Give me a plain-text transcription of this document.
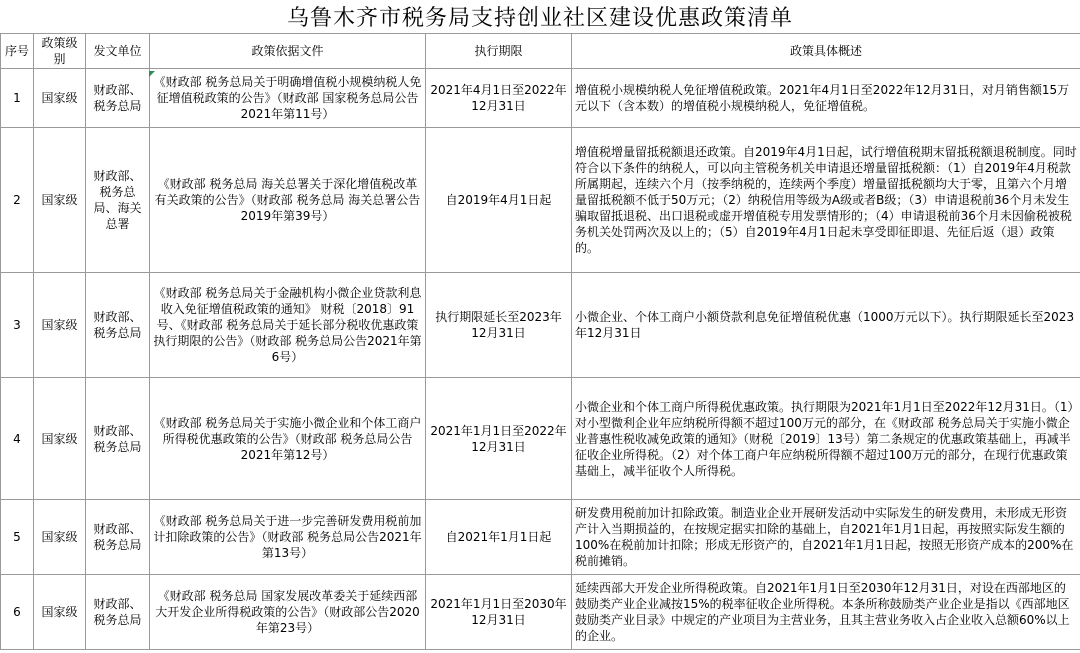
乌鲁木齐市税务局支持创业社区建设优惠政策清单
序号	政策级别	发文单位	政策依据文件	执行期限	政策具体概述
1	国家级	财政部、税务总局	《财政部 税务总局关于明确增值税小规模纳税人免征增值税政策的公告》（财政部 国家税务总局公告2021年第11号）	2021年4月1日至2022年12月31日	增值税小规模纳税人免征增值税政策。2021年4月1日至2022年12月31日，对月销售额15万元以下（含本数）的增值税小规模纳税人，免征增值税。
2	国家级	财政部、税务总局、海关总署	《财政部 税务总局 海关总署关于深化增值税改革有关政策的公告》（财政部 税务总局 海关总署公告2019年第39号）	自2019年4月1日起	增值税增量留抵税额退还政策。自2019年4月1日起，试行增值税期末留抵税额退税制度。同时符合以下条件的纳税人，可以向主管税务机关申请退还增量留抵税额：（1）自2019年4月税款所属期起，连续六个月（按季纳税的，连续两个季度）增量留抵税额均大于零，且第六个月增量留抵税额不低于50万元；（2）纳税信用等级为A级或者B级；（3）申请退税前36个月未发生骗取留抵退税、出口退税或虚开增值税专用发票情形的；（4）申请退税前36个月未因偷税被税务机关处罚两次及以上的；（5）自2019年4月1日起未享受即征即退、先征后返（退）政策的。
3	国家级	财政部、税务总局	《财政部 税务总局关于金融机构小微企业贷款利息收入免征增值税政策的通知》 财税〔2018〕91号、《财政部 税务总局关于延长部分税收优惠政策执行期限的公告》（财政部 税务总局公告2021年第6号）	执行期限延长至2023年12月31日	小微企业、个体工商户小额贷款利息免征增值税优惠（1000万元以下）。执行期限延长至2023年12月31日
4	国家级	财政部、税务总局	《财政部 税务总局关于实施小微企业和个体工商户所得税优惠政策的公告》（财政部 税务总局公告2021年第12号）	2021年1月1日至2022年12月31日	小微企业和个体工商户所得税优惠政策。执行期限为2021年1月1日至2022年12月31日。（1）对小型微利企业年应纳税所得额不超过100万元的部分，在《财政部 税务总局关于实施小微企业普惠性税收减免政策的通知》（财税〔2019〕13号）第二条规定的优惠政策基础上，再减半征收企业所得税。（2）对个体工商户年应纳税所得额不超过100万元的部分，在现行优惠政策基础上，减半征收个人所得税。
5	国家级	财政部、税务总局	《财政部 税务总局关于进一步完善研发费用税前加计扣除政策的公告》（财政部 税务总局公告2021年第13号）	自2021年1月1日起	研发费用税前加计扣除政策。制造业企业开展研发活动中实际发生的研发费用，未形成无形资产计入当期损益的，在按规定据实扣除的基础上，自2021年1月1日起，再按照实际发生额的100%在税前加计扣除；形成无形资产的，自2021年1月1日起，按照无形资产成本的200%在税前摊销。
6	国家级	财政部、税务总局	《财政部 税务总局 国家发展改革委关于延续西部大开发企业所得税政策的公告》（财政部公告2020年第23号）	2021年1月1日至2030年12月31日	延续西部大开发企业所得税政策。自2021年1月1日至2030年12月31日，对设在西部地区的鼓励类产业企业减按15%的税率征收企业所得税。本条所称鼓励类产业企业是指以《西部地区鼓励类产业目录》中规定的产业项目为主营业务，且其主营业务收入占企业收入总额60%以上的企业。
